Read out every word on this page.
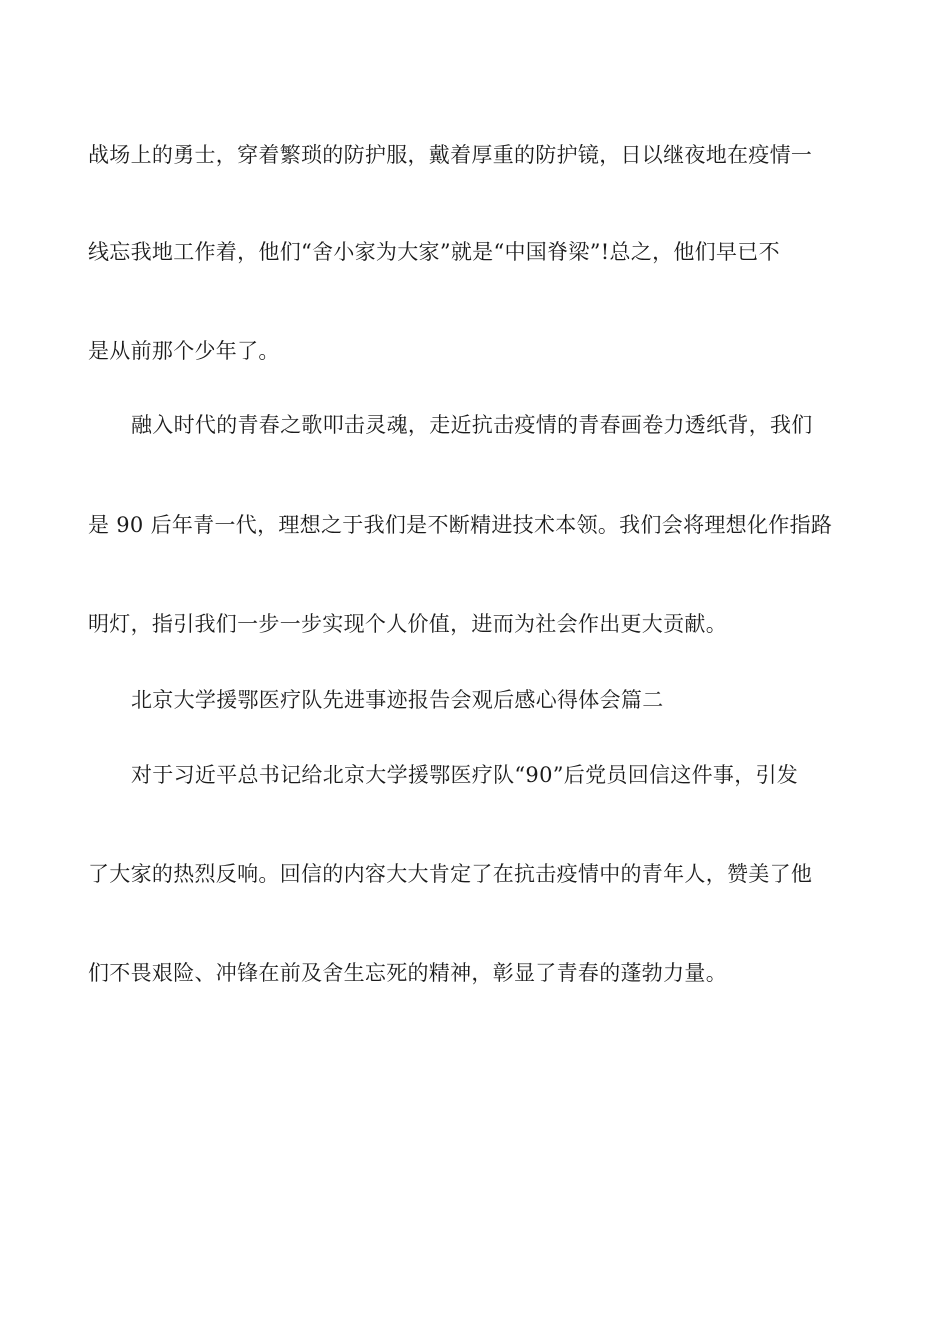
战场上的勇士，穿着繁琐的防护服，戴着厚重的防护镜，日以继夜地在疫情一
线忘我地工作着，他们“舍小家为大家”就是“中国脊梁”!总之，他们早已不
是从前那个少年了。
融入时代的青春之歌叩击灵魂，走近抗击疫情的青春画卷力透纸背，我们
是 90 后年青一代，理想之于我们是不断精进技术本领。我们会将理想化作指路
明灯，指引我们一步一步实现个人价值，进而为社会作出更大贡献。
北京大学援鄂医疗队先进事迹报告会观后感心得体会篇二
对于习近平总书记给北京大学援鄂医疗队“90”后党员回信这件事，引发
了大家的热烈反响。回信的内容大大肯定了在抗击疫情中的青年人，赞美了他
们不畏艰险、冲锋在前及舍生忘死的精神，彰显了青春的蓬勃力量。
